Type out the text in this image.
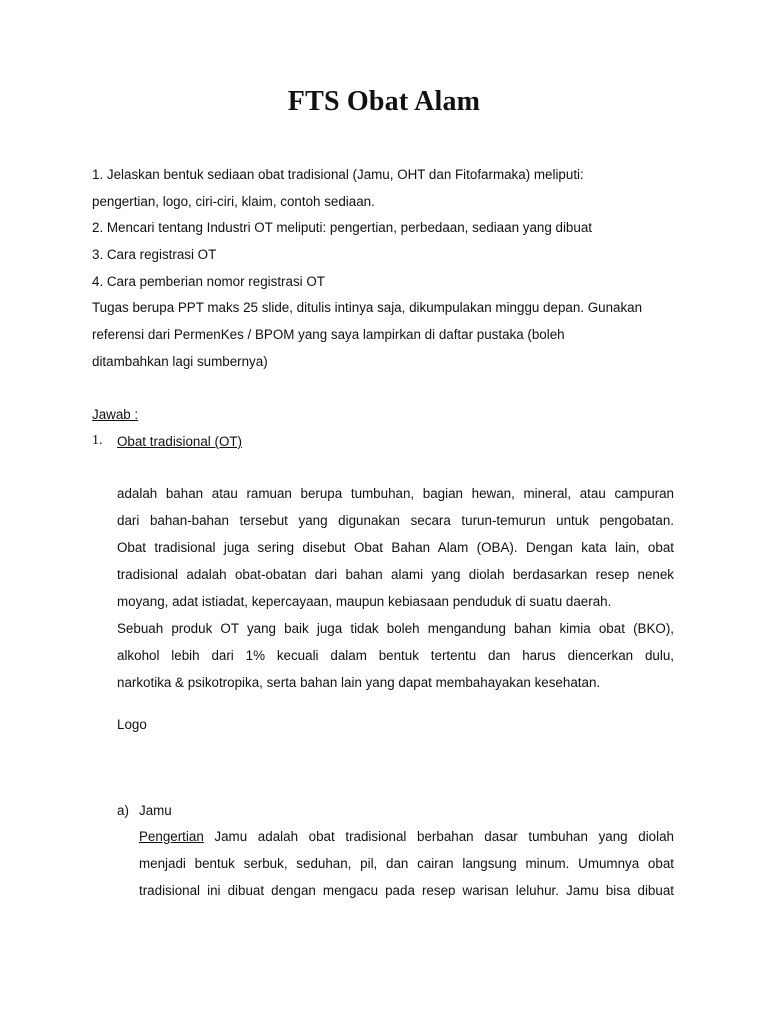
FTS Obat Alam
1. Jelaskan bentuk sediaan obat tradisional (Jamu, OHT dan Fitofarmaka) meliputi:
pengertian, logo, ciri-ciri, klaim, contoh sediaan.
2. Mencari tentang Industri OT meliputi: pengertian, perbedaan, sediaan yang dibuat
3. Cara registrasi OT
4. Cara pemberian nomor registrasi OT
Tugas berupa PPT maks 25 slide, ditulis intinya saja, dikumpulakan minggu depan. Gunakan
referensi dari PermenKes / BPOM yang saya lampirkan di daftar pustaka (boleh
ditambahkan lagi sumbernya)
Jawab :
1. Obat tradisional (OT)

adalah bahan atau ramuan berupa tumbuhan, bagian hewan, mineral, atau campuran

dari bahan-bahan tersebut yang digunakan secara turun-temurun untuk pengobatan.

Obat tradisional juga sering disebut Obat Bahan Alam (OBA). Dengan kata lain, obat

tradisional adalah obat-obatan dari bahan alami yang diolah berdasarkan resep nenek

moyang, adat istiadat, kepercayaan, maupun kebiasaan penduduk di suatu daerah.

Sebuah produk OT yang baik juga tidak boleh mengandung bahan kimia obat (BKO),

alkohol lebih dari 1% kecuali dalam bentuk tertentu dan harus diencerkan dulu,

narkotika & psikotropika, serta bahan lain yang dapat membahayakan kesehatan.

Logo
a) Jamu

Pengertian Jamu adalah obat tradisional berbahan dasar tumbuhan yang diolah

menjadi bentuk serbuk, seduhan, pil, dan cairan langsung minum. Umumnya obat

tradisional ini dibuat dengan mengacu pada resep warisan leluhur. Jamu bisa dibuat
